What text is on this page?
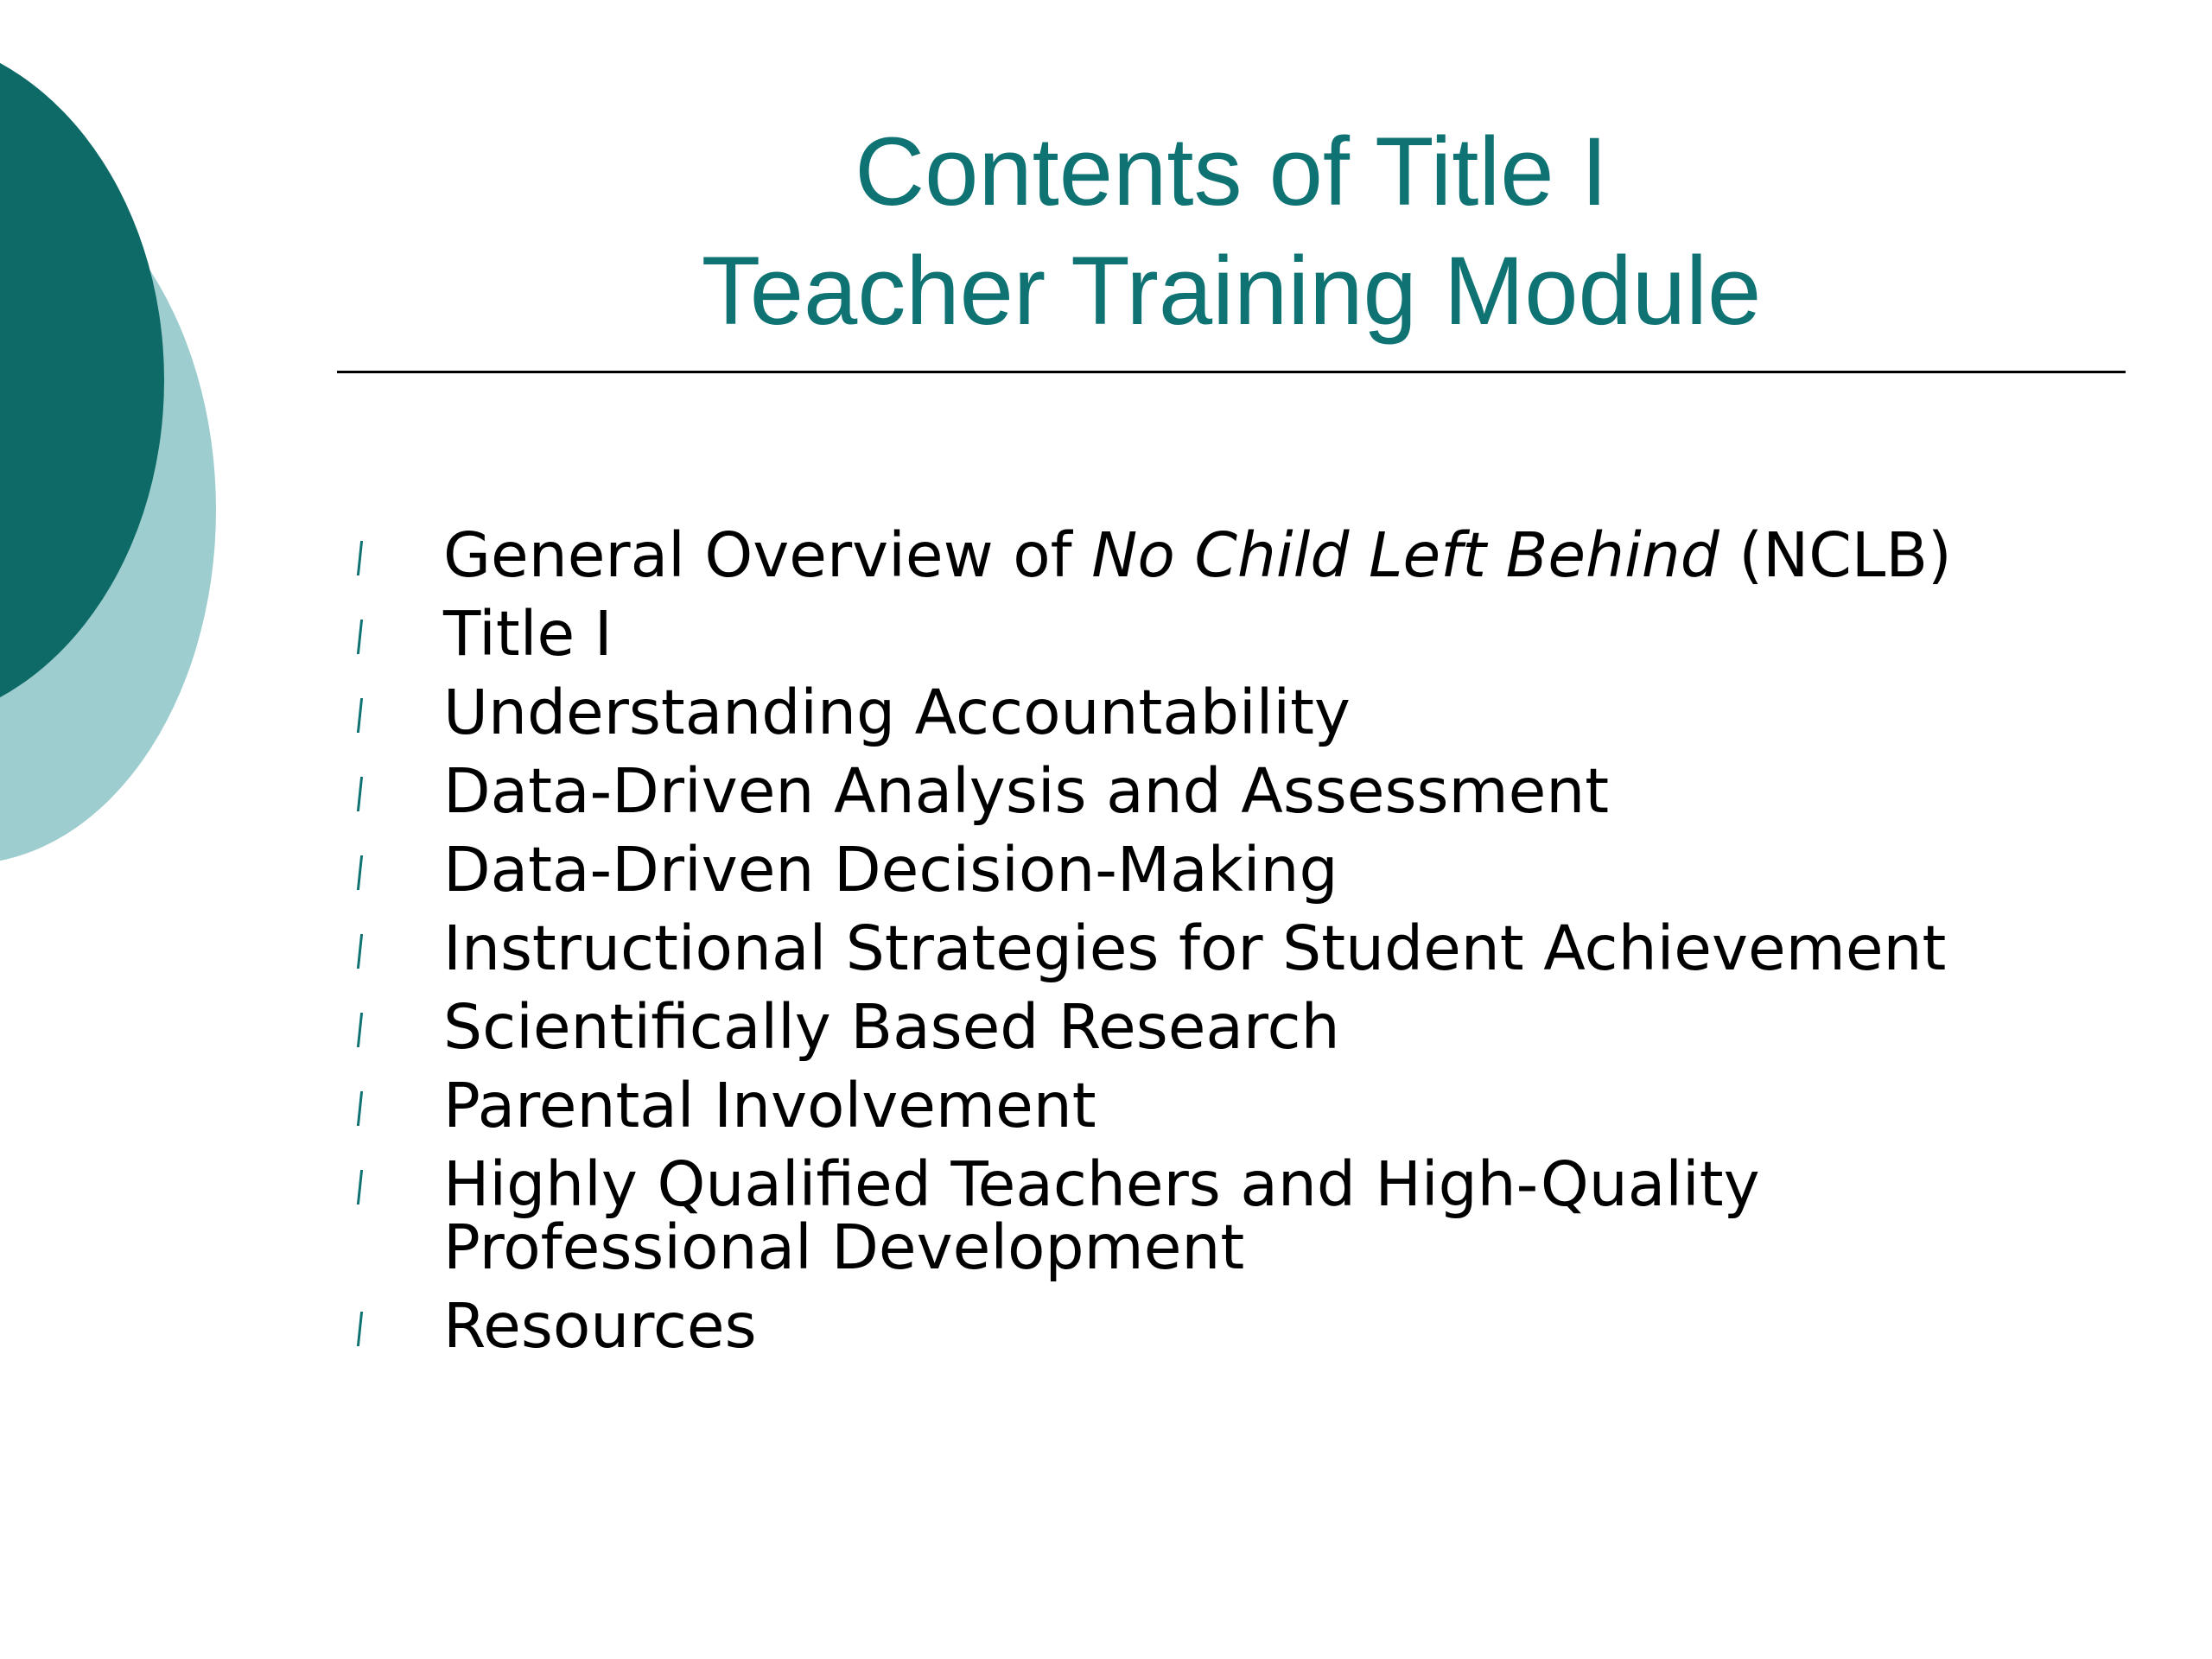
Contents of Title I
Teacher Training Module
General Overview of No Child Left Behind (NCLB)
Title I
Understanding Accountability
Data-Driven Analysis and Assessment
Data-Driven Decision-Making
Instructional Strategies for Student Achievement
Scientifically Based Research
Parental Involvement
Highly Qualified Teachers and High-Quality
Professional Development
Resources
